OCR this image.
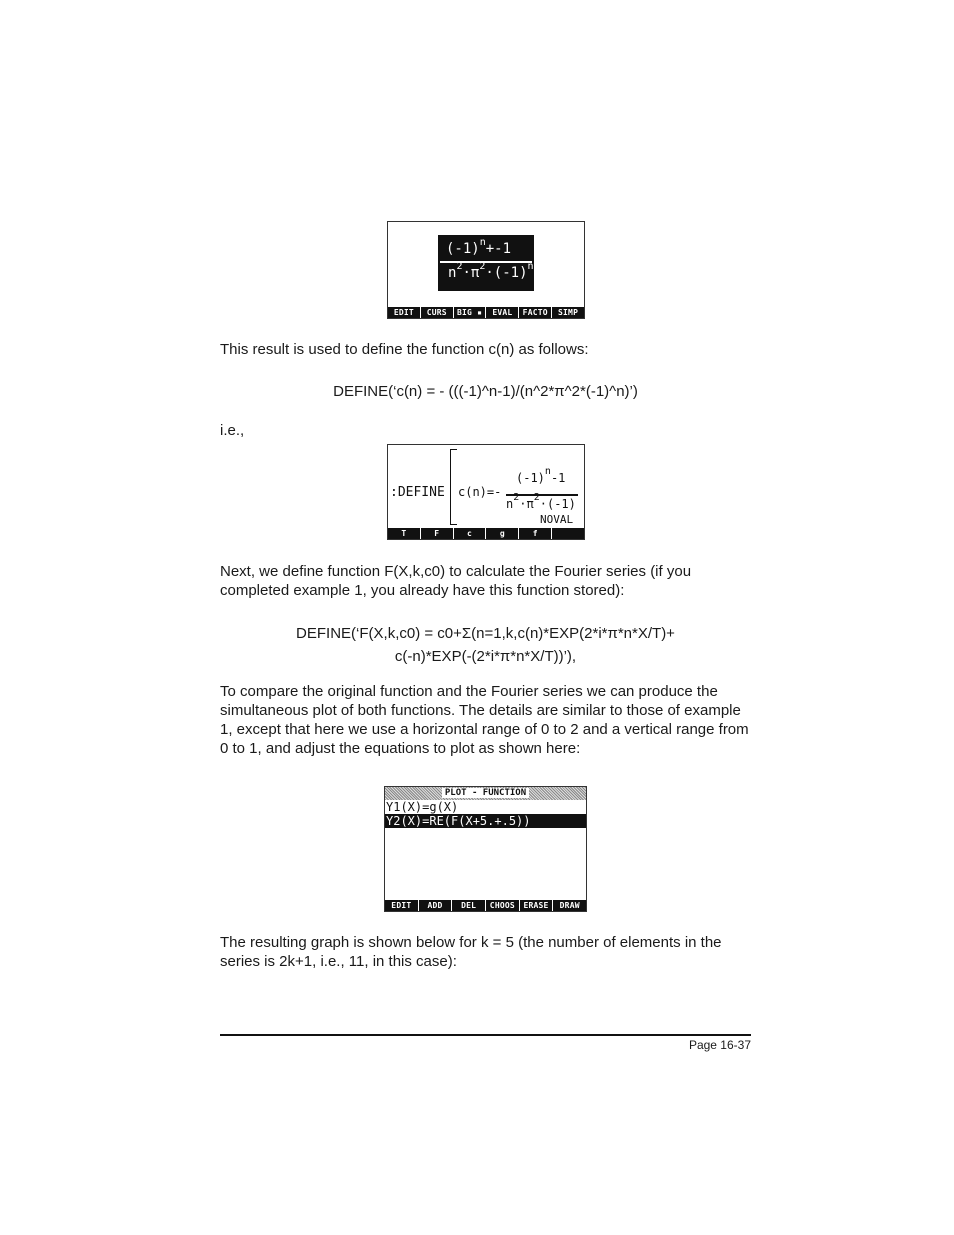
$(-1)^n+-1$
$n^2\cdot\pi^2\cdot(-1)^n$
EDIT	CURS	BIG ▪	EVAL	FACTO	SIMP
This result is used to define the function c(n) as follows:
DEFINE(‘c(n) = - (((-1)^n-1)/(n^2*π^2*(-1)^n)’)
i.e.,
:DEFINE c(n)=-
$(-1)^n-1$
$n^2\cdot\pi^2\cdot(-1)$
NOVAL
T	F	c	g	f
Next, we define function F(X,k,c0) to calculate the Fourier series (if you completed example 1, you already have this function stored):
DEFINE(‘F(X,k,c0) = c0+Σ(n=1,k,c(n)*EXP(2*i*π*n*X/T)+
c(-n)*EXP(-(2*i*π*n*X/T))’),
To compare the original function and the Fourier series we can produce the simultaneous plot of both functions. The details are similar to those of example 1, except that here we use a horizontal range of 0 to 2 and a vertical range from 0 to 1, and adjust the equations to plot as shown here:
PLOT - FUNCTION
Y1(X)=g(X)
Y2(X)=RE(F(X+5.+.5))
EDIT	ADD	DEL	CHOOS	ERASE	DRAW
The resulting graph is shown below for k = 5 (the number of elements in the series is 2k+1, i.e., 11, in this case):
Page 16-37
